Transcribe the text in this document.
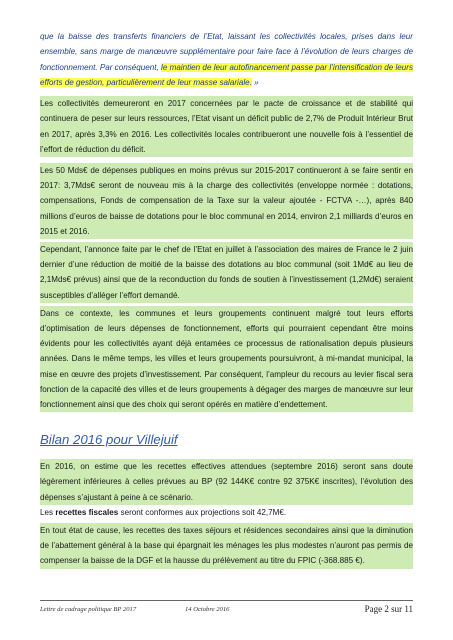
que la baisse des transferts financiers de l’Etat, laissant les collectivités locales, prises dans leur ensemble, sans marge de manœuvre supplémentaire pour faire face à l’évolution de leurs charges de fonctionnement. Par conséquent, le maintien de leur autofinancement passe par l’intensification de leurs efforts de gestion, particulièrement de leur masse salariale. »

Les collectivités demeureront en 2017 concernées par le pacte de croissance et de stabilité qui continuera de peser sur leurs ressources, l’Etat visant un déficit public de 2,7% de Produit Intérieur Brut en 2017, après 3,3% en 2016. Les collectivités locales contribueront une nouvelle fois à l’essentiel de l’effort de réduction du déficit.

Les 50 Mds€ de dépenses publiques en moins prévus sur 2015-2017 continueront à se faire sentir en 2017: 3,7Mds€ seront de nouveau mis à la charge des collectivités (enveloppe normée : dotations, compensations, Fonds de compensation de la Taxe sur la valeur ajoutée - FCTVA -…), après 840 millions d’euros de baisse de dotations pour le bloc communal en 2014, environ 2,1 milliards d’euros en 2015 et 2016.

Cependant, l’annonce faite par le chef de l’Etat en juillet à l’association des maires de France le 2 juin dernier d’une réduction de moitié de la baisse des dotations au bloc communal (soit 1Md€ au lieu de 2,1Mds€ prévus) ainsi que de la reconduction du fonds de soutien à l’investissement (1,2Md€) seraient susceptibles d’alléger l’effort demandé.

Dans ce contexte, les communes et leurs groupements continuent malgré tout leurs efforts d’optimisation de leurs dépenses de fonctionnement, efforts qui pourraient cependant être moins évidents pour les collectivités ayant déjà entamées ce processus de rationalisation depuis plusieurs années. Dans le même temps, les villes et leurs groupements poursuivront, à mi-mandat municipal, la mise en œuvre des projets d’investissement. Par conséquent, l’ampleur du recours au levier fiscal sera fonction de la capacité des villes et de leurs groupements à dégager des marges de manœuvre sur leur fonctionnement ainsi que des choix qui seront opérés en matière d’endettement.

Bilan 2016 pour Villejuif

En 2016, on estime que les recettes effectives attendues (septembre 2016) seront sans doute légèrement inférieures à celles prévues au BP (92 144K€ contre 92 375K€ inscrites), l’évolution des dépenses s’ajustant à peine à ce scénario.

Les recettes fiscales seront conformes aux projections soit 42,7M€.

En tout état de cause, les recettes des taxes séjours et résidences secondaires ainsi que la diminution de l’abattement général à la base qui épargnait les ménages les plus modestes n’auront pas permis de compenser la baisse de la DGF et la hausse du prélèvement au titre du FPIC (-368.885 €).

Lettre de cadrage politique BP 2017	14 Octobre 2016	Page 2 sur 11
